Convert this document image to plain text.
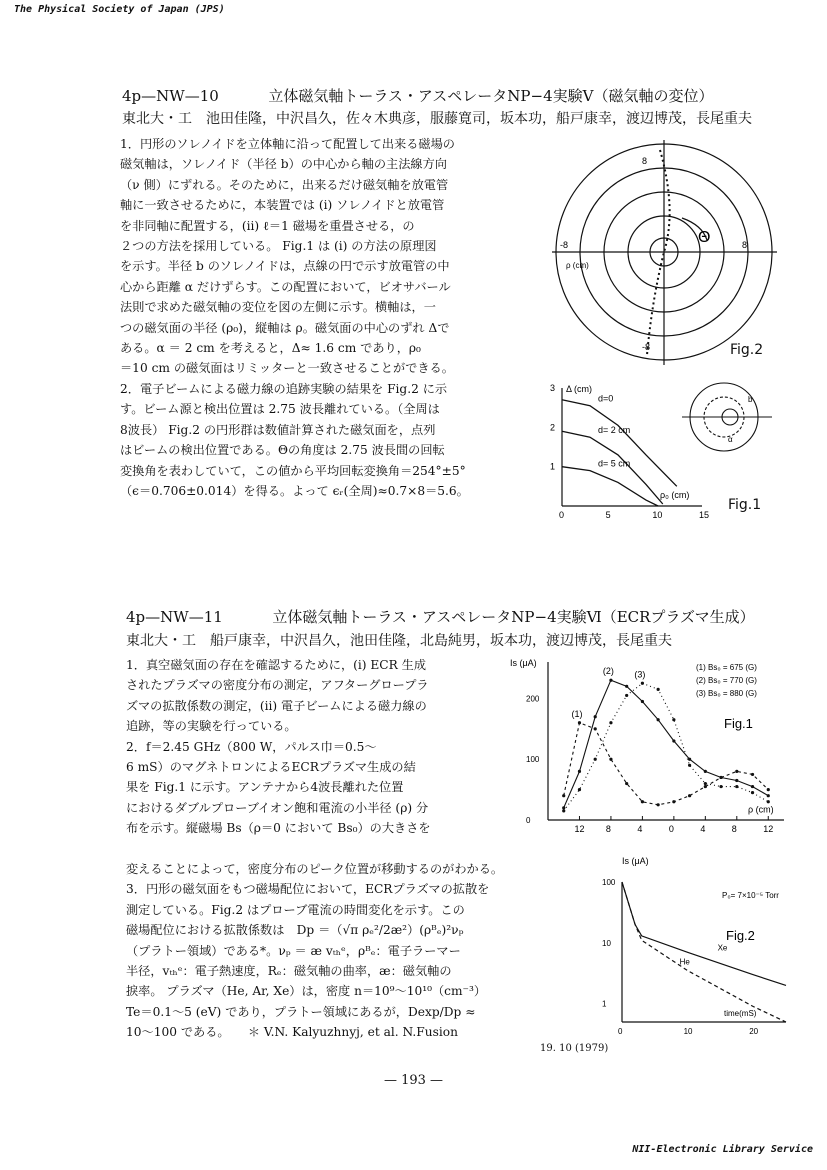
The Physical Society of Japan (JPS)
4p—NW—10	立体磁気軸トーラス・アスペレータNP−4実験Ⅴ（磁気軸の変位）
東北大・工　池田佳隆，中沢昌久，佐々木典彦，服藤寛司，坂本功，船戸康幸，渡辺博茂，長尾重夫

1．円形のソレノイドを立体軸に沿って配置して出来る磁場の

磁気軸は，ソレノイド（半径 b）の中心から軸の主法線方向

（ν 側）にずれる。そのために，出来るだけ磁気軸を放電管

軸に一致させるために，本装置では (i) ソレノイドと放電管

を非同軸に配置する，(ii) ℓ＝1 磁場を重畳させる，の

２つの方法を採用している。 Fig.1 は (i) の方法の原理図

を示す。半径 b のソレノイドは，点線の円で示す放電管の中

心から距離 α だけずらす。この配置において，ビオサバール

法則で求めた磁気軸の変位を図の左側に示す。横軸は，一

つの磁気面の半径 (ρ₀)，縦軸は ρ。磁気面の中心のずれ Δで

ある。α ＝ 2 cm を考えると，Δ≈ 1.6 cm であり，ρ₀

＝10 cm の磁気面はリミッターと一致させることができる。

2．電子ビームによる磁力線の追跡実験の結果を Fig.2 に示

す。ビーム源と検出位置は 2.75 波長離れている。（全周は

8波長） Fig.2 の円形群は数値計算された磁気面を，点列

はビームの検出位置である。Θの角度は 2.75 波長間の回転

変換角を表わしていて，この値から平均回転変換角＝254°±5°

（ϵ＝0.706±0.014）を得る。よって ϵᵣ(全周)≈0.7×8＝5.6。

8
-8
8
-8	Θ
ρ (cm)
Fig.2
0	5	10	15
1
2
3 Δ (cm)
ρ₀ (cm)
d=0
d= 2 cm
d= 5 cm
b
α
Fig.1
4p—NW—11	立体磁気軸トーラス・アスペレータNP−4実験Ⅵ（ECRプラズマ生成）
東北大・工　船戸康幸，中沢昌久，池田佳隆，北島純男，坂本功，渡辺博茂，長尾重夫

1．真空磁気面の存在を確認するために，(i) ECR 生成

されたプラズマの密度分布の測定，アフターグロープラ

ズマの拡散係数の測定，(ii) 電子ビームによる磁力線の

追跡，等の実験を行っている。

2．f＝2.45 GHz（800 W，パルス巾＝0.5〜

6 mS）のマグネトロンによるECRプラズマ生成の結

果を Fig.1 に示す。アンテナから4波長離れた位置

におけるダブルプローブイオン飽和電流の小半径 (ρ) 分

布を示す。縦磁場 Bs（ρ＝0 において Bs₀）の大きさを

変えることによって，密度分布のピーク位置が移動するのがわかる。

3．円形の磁気面をもつ磁場配位において，ECRプラズマの拡散を

測定している。Fig.2 はプローブ電流の時間変化を示す。この

磁場配位における拡散係数は　Dp ＝（√π ρₑ²/2æ²）(ρᴮₑ)²νₚ

（プラトー領域）である*。νₚ ＝ æ vₜₕᵉ，ρᴮₑ：電子ラーマー

半径，vₜₕᵉ：電子熱速度，Rₑ：磁気軸の曲率，æ：磁気軸の

捩率。 プラズマ（He, Ar, Xe）は，密度 n＝10⁹〜10¹⁰（cm⁻³）

Te＝0.1〜5 (eV) であり，プラトー領域にあるが，Dexp/Dp ≈

10〜100 である。　　＊ V.N. Kalyuzhnyj, et al. N.Fusion

19. 10 (1979)
12 8	4	0	4	8	12
0
100
200
Is (μA)
ρ (cm)
(1)
(2) (3)
(1) Bs₀ = 675 (G)
(2) Bs₀ = 770 (G)
(3) Bs₀ = 880 (G)
Fig.1
0	10	20
100
10
1
Is (μA)
time(mS)
P₀= 7×10⁻⁵ Torr
Fig.2
Xe
He
— 193 —
NII-Electronic Library Service
